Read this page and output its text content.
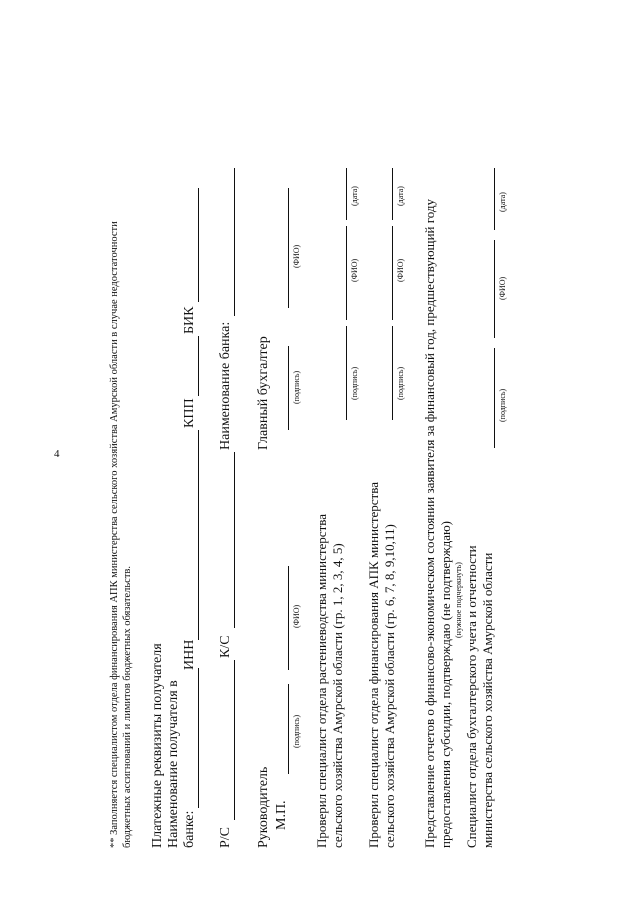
4	** Заполняется специалистом отдела финансирования АПК министерства сельского хозяйства Амурской области в случае недостаточности бюджетных ассигнований и лимитов бюджетных обязательств. Платежные реквизиты получателя Наименование получателя в банке:
ИНН
КПП
БИК
Р/С
К/С
Наименование банка:
Руководитель М.П.
(подпись)
(ФИО)
Главный бухгалтер	(подпись)
(ФИО)
Проверил специалист отдела растениеводства министерства сельского хозяйства Амурской области (гр. 1, 2, 3, 4, 5)
(подпись)
(ФИО)
(дата)
Проверил специалист отдела финансирования АПК министерства сельского хозяйства Амурской области (гр. 6, 7, 8, 9,10,11)
(подпись)
(ФИО)
(дата)
Представление отчетов о финансово-экономическом состоянии заявителя за финансовый год, предшествующий году предоставления субсидии, подтверждаю (не подтверждаю) (нужное подчеркнуть) Специалист отдела бухгалтерского учета и отчетности министерства сельского хозяйства Амурской области
(подпись)
(ФИО)
(дата)
